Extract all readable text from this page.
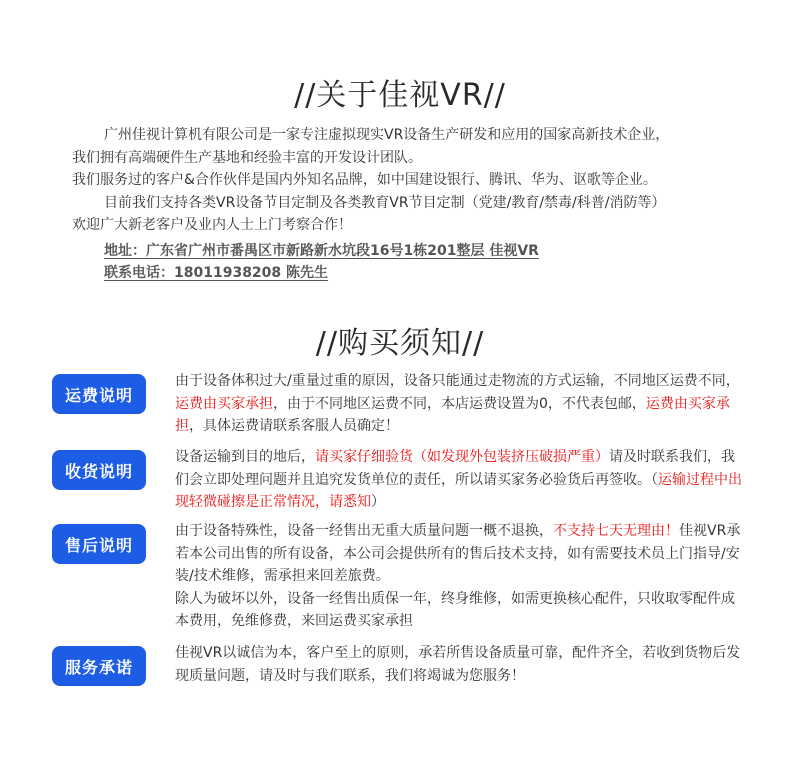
//关于佳视VR//

广州佳视计算机有限公司是一家专注虚拟现实VR设备生产研发和应用的国家高新技术企业，

我们拥有高端硬件生产基地和经验丰富的开发设计团队。

我们服务过的客户&合作伙伴是国内外知名品牌，如中国建设银行、腾讯、华为、讴歌等企业。

目前我们支持各类VR设备节目定制及各类教育VR节目定制（党建/教育/禁毒/科普/消防等）

欢迎广大新老客户及业内人士上门考察合作！

地址：广东省广州市番禺区市新路新水坑段16号1栋201整层 佳视VR

联系电话：18011938208 陈先生

//购买须知//
运费说明

由于设备体积过大/重量过重的原因，设备只能通过走物流的方式运输，不同地区运费不同，运费由买家承担，由于不同地区运费不同，本店运费设置为0，不代表包邮，运费由买家承担，具体运费请联系客服人员确定！

收货说明

设备运输到目的地后，请买家仔细验货（如发现外包装挤压破损严重）请及时联系我们，我们会立即处理问题并且追究发货单位的责任，所以请买家务必验货后再签收。（运输过程中出现轻微碰擦是正常情况，请悉知）

售后说明

由于设备特殊性，设备一经售出无重大质量问题一概不退换，不支持七天无理由！佳视VR承若本公司出售的所有设备，本公司会提供所有的售后技术支持，如有需要技术员上门指导/安装/技术维修，需承担来回差旅费。

除人为破坏以外，设备一经售出质保一年，终身维修，如需更换核心配件，只收取零配件成本费用，免维修费，来回运费买家承担

服务承诺

佳视VR以诚信为本，客户至上的原则，承若所售设备质量可靠，配件齐全，若收到货物后发现质量问题，请及时与我们联系，我们将竭诚为您服务！
